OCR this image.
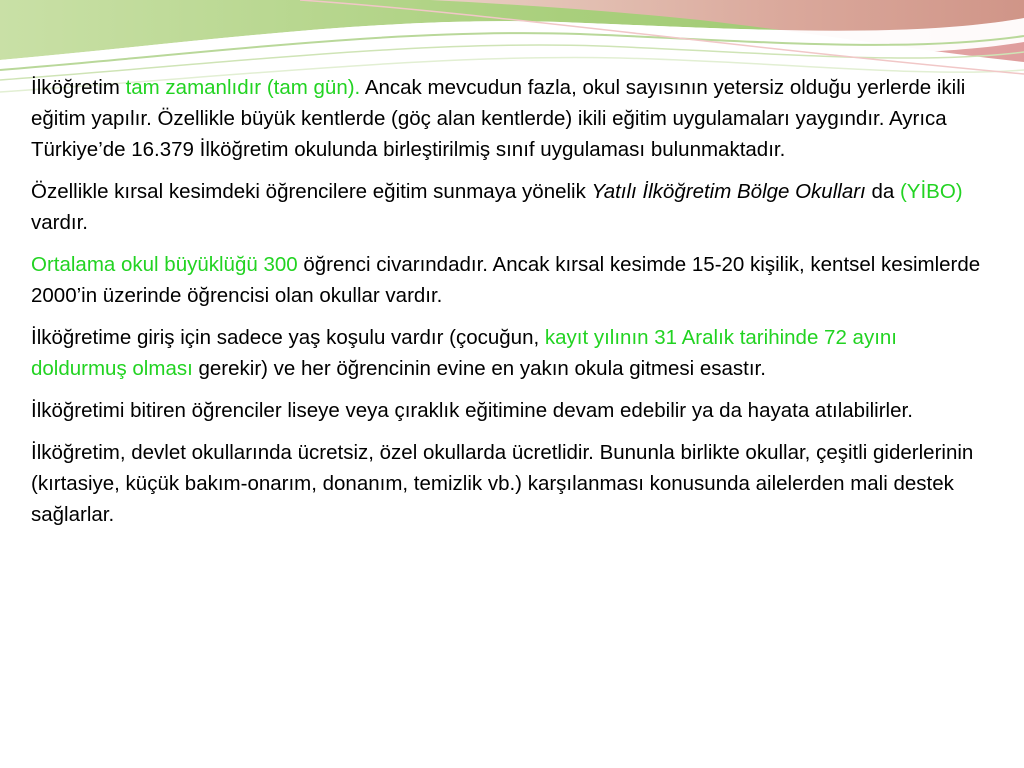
İlköğretim tam zamanlıdır (tam gün). Ancak mevcudun fazla, okul sayısının yetersiz olduğu yerlerde ikili eğitim yapılır. Özellikle büyük kentlerde (göç alan kentlerde) ikili eğitim uygulamaları yaygındır. Ayrıca Türkiye’de 16.379 İlköğretim okulunda birleştirilmiş sınıf uygulaması bulunmaktadır.

Özellikle kırsal kesimdeki öğrencilere eğitim sunmaya yönelik Yatılı İlköğretim Bölge Okulları da (YİBO) vardır.

Ortalama okul büyüklüğü 300 öğrenci civarındadır. Ancak kırsal kesimde 15-20 kişilik, kentsel kesimlerde 2000’in üzerinde öğrencisi olan okullar vardır.

İlköğretime giriş için sadece yaş koşulu vardır (çocuğun, kayıt yılının 31 Aralık tarihinde 72 ayını doldurmuş olması gerekir) ve her öğrencinin evine en yakın okula gitmesi esastır.

İlköğretimi bitiren öğrenciler liseye veya çıraklık eğitimine devam edebilir ya da hayata atılabilirler.

İlköğretim, devlet okullarında ücretsiz, özel okullarda ücretlidir. Bununla birlikte okullar, çeşitli giderlerinin (kırtasiye, küçük bakım-onarım, donanım, temizlik vb.) karşılanması konusunda ailelerden mali destek sağlarlar.
